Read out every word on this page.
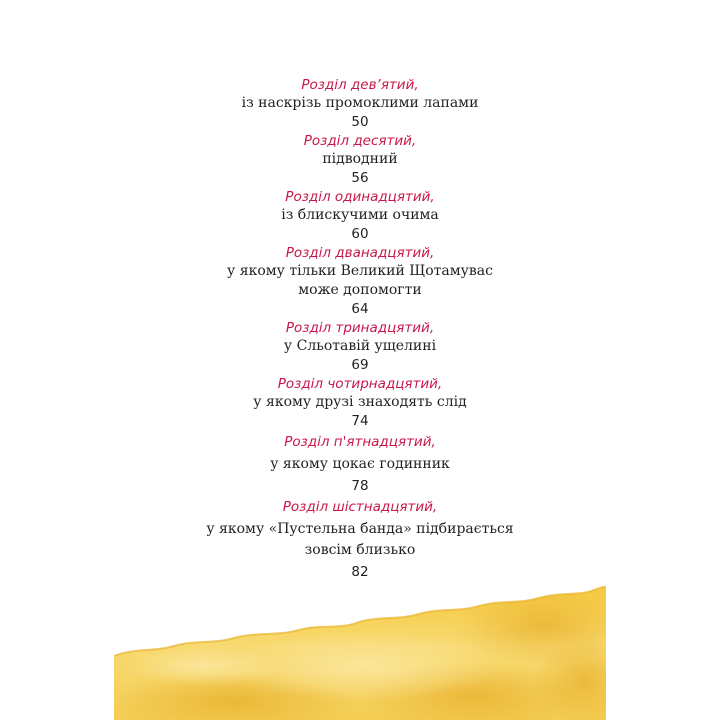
Розділ дев’ятий,
із наскрізь промоклими лапами
50
Розділ десятий,
підводний
56
Розділ одинадцятий,
із блискучими очима
60
Розділ дванадцятий,
у якому тільки Великий Щотамувас
може допомогти
64
Розділ тринадцятий,
у Сльотавій ущелині
69
Розділ чотирнадцятий,
у якому друзі знаходять слід
74
Розділ п'ятнадцятий,
у якому цокає годинник
78
Розділ шістнадцятий,
у якому «Пустельна банда» підбирається
зовсім близько
82
